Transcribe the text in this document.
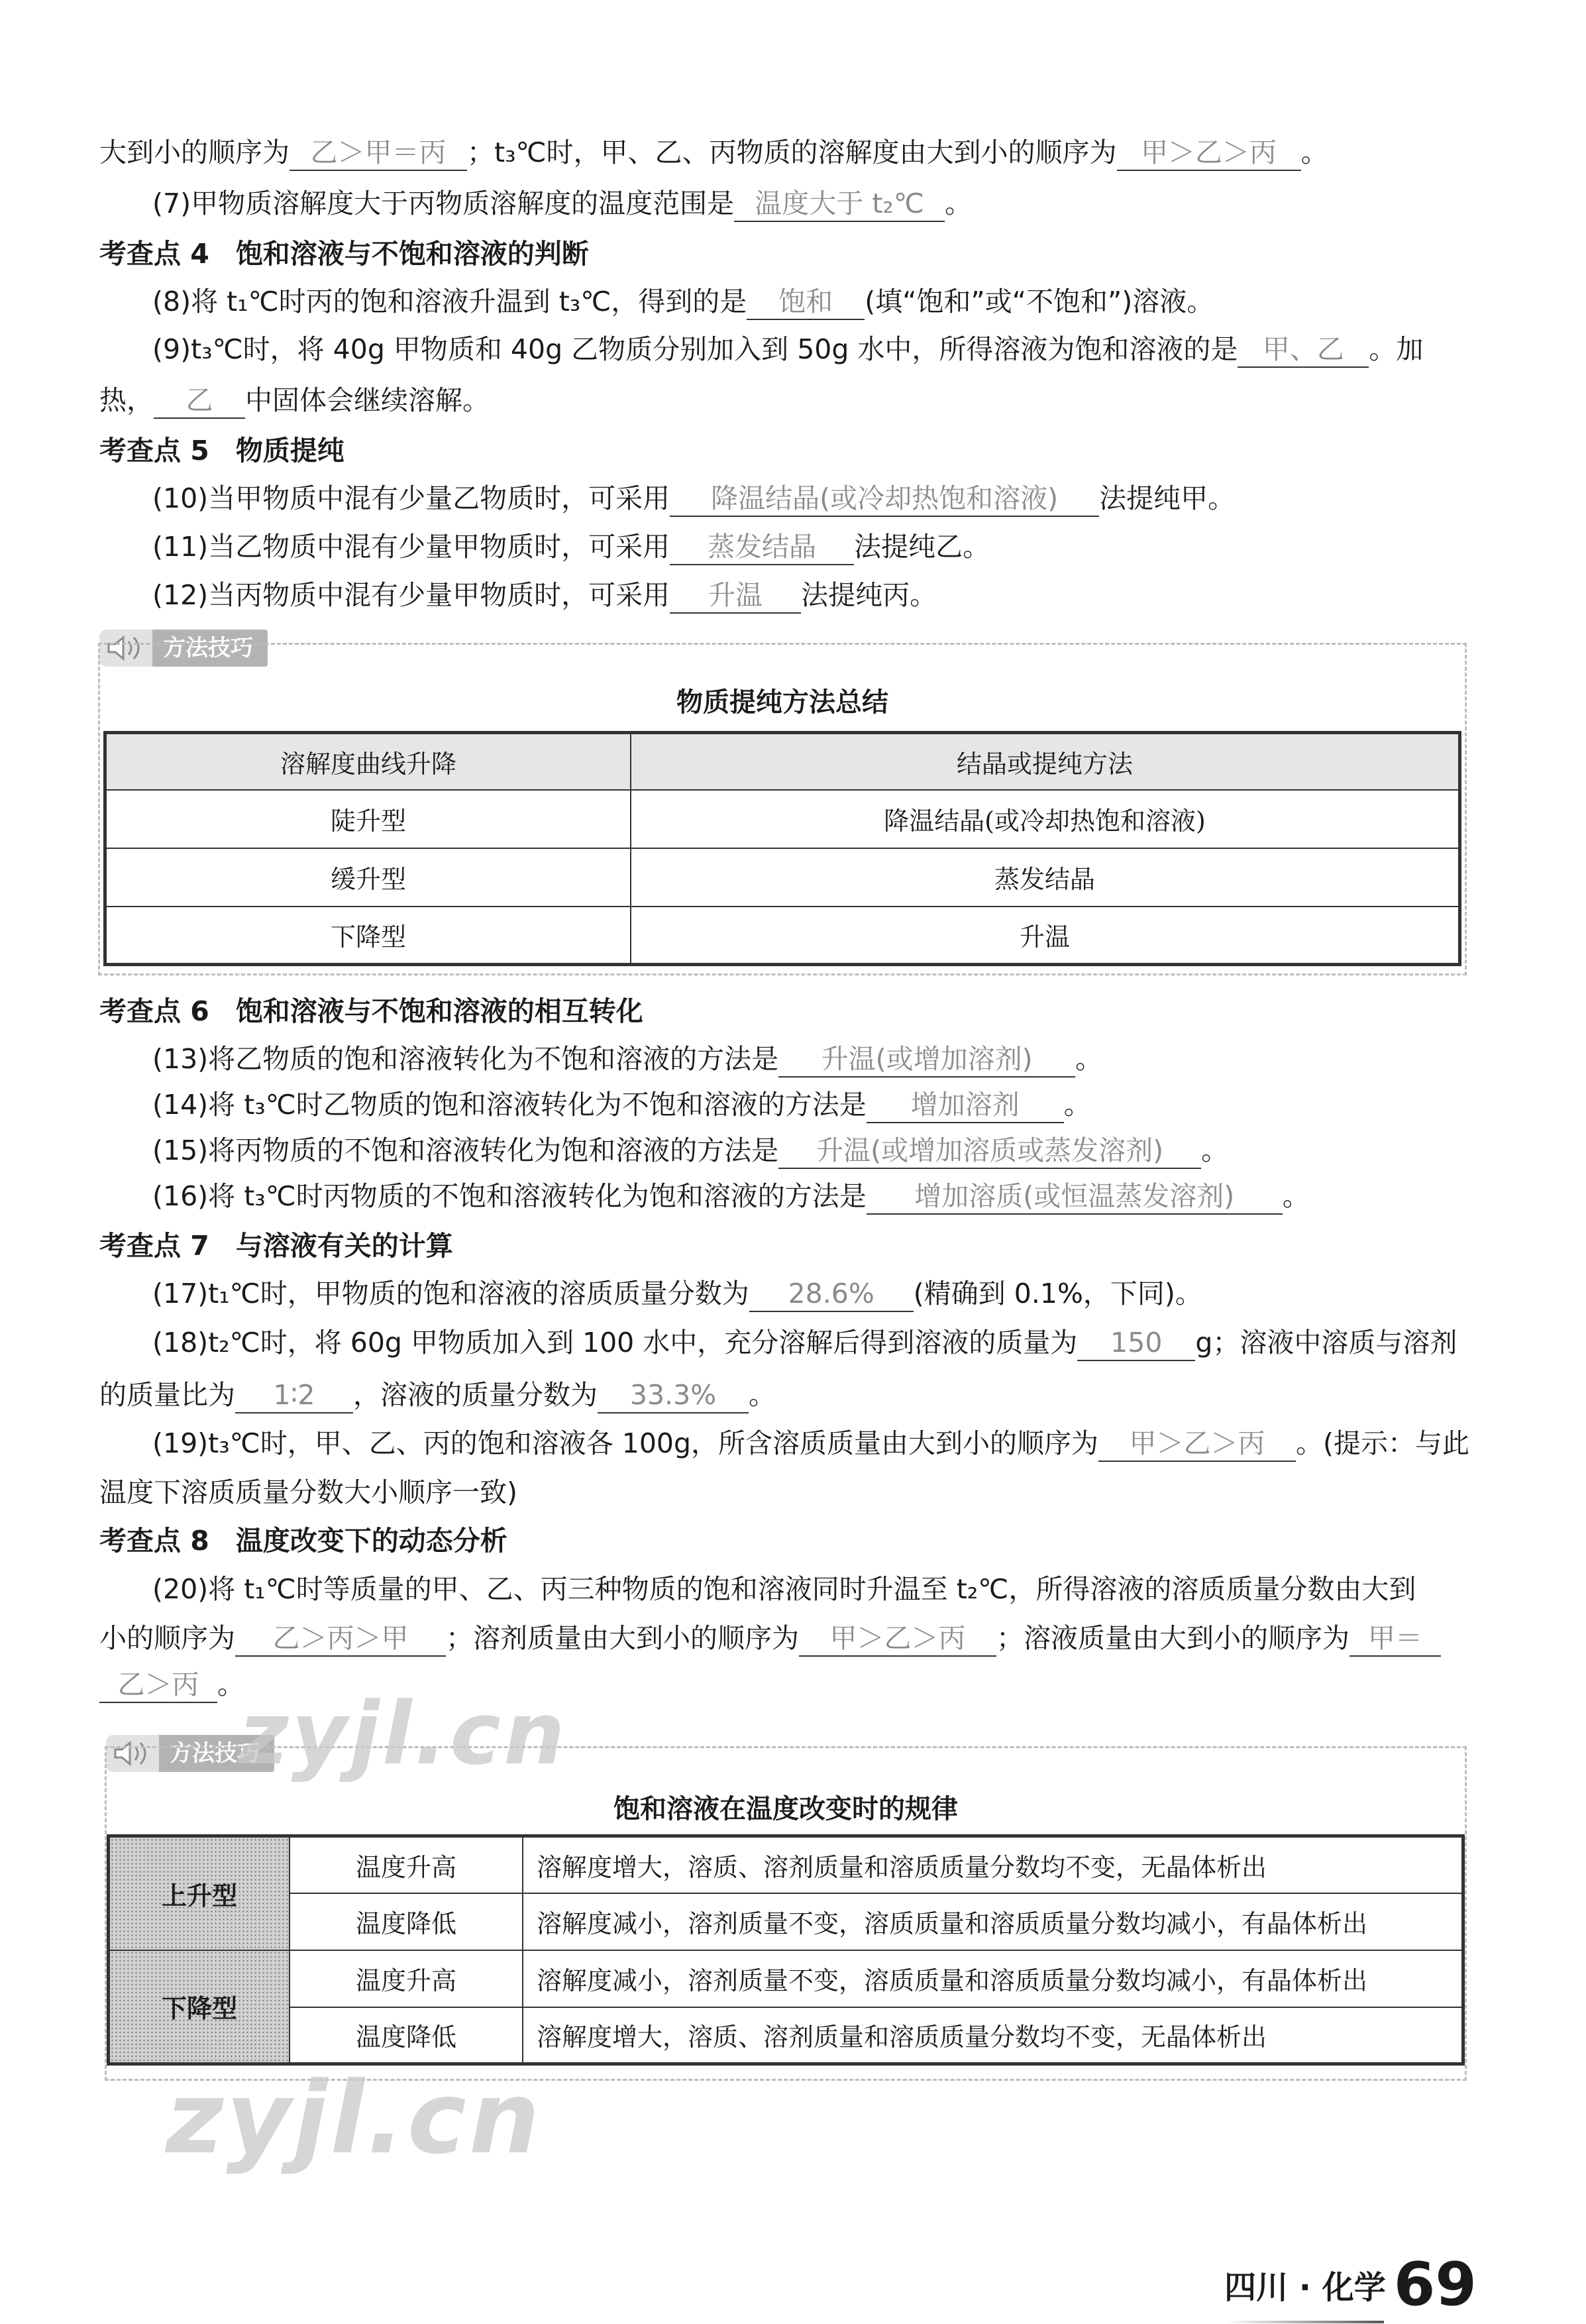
大到小的顺序为 乙＞甲＝丙 ；t₃℃时，甲、乙、丙物质的溶解度由大到小的顺序为 甲＞乙＞丙 。
(7)甲物质溶解度大于丙物质溶解度的温度范围是 温度大于 t₂℃ 。
考查点 4 饱和溶液与不饱和溶液的判断
(8)将 t₁℃时丙的饱和溶液升温到 t₃℃，得到的是 饱和 (填“饱和”或“不饱和”)溶液。
(9)t₃℃时，将 40g 甲物质和 40g 乙物质分别加入到 50g 水中，所得溶液为饱和溶液的是 甲、乙 。加
热， 乙 中固体会继续溶解。
考查点 5 物质提纯
(10)当甲物质中混有少量乙物质时，可采用 降温结晶(或冷却热饱和溶液) 法提纯甲。
(11)当乙物质中混有少量甲物质时，可采用 蒸发结晶 法提纯乙。
(12)当丙物质中混有少量甲物质时，可采用 升温 法提纯丙。
方法技巧
物质提纯方法总结
溶解度曲线升降	结晶或提纯方法
陡升型	降温结晶(或冷却热饱和溶液)
缓升型	蒸发结晶
下降型	升温
考查点 6 饱和溶液与不饱和溶液的相互转化
(13)将乙物质的饱和溶液转化为不饱和溶液的方法是 升温(或增加溶剂) 。
(14)将 t₃℃时乙物质的饱和溶液转化为不饱和溶液的方法是 增加溶剂 。
(15)将丙物质的不饱和溶液转化为饱和溶液的方法是 升温(或增加溶质或蒸发溶剂) 。
(16)将 t₃℃时丙物质的不饱和溶液转化为饱和溶液的方法是 增加溶质(或恒温蒸发溶剂) 。
考查点 7 与溶液有关的计算
(17)t₁℃时，甲物质的饱和溶液的溶质质量分数为 28.6% (精确到 0.1%，下同)。
(18)t₂℃时，将 60g 甲物质加入到 100 水中，充分溶解后得到溶液的质量为 150 g；溶液中溶质与溶剂
的质量比为 1∶2 ，溶液的质量分数为 33.3% 。
(19)t₃℃时，甲、乙、丙的饱和溶液各 100g，所含溶质质量由大到小的顺序为 甲＞乙＞丙 。(提示：与此
温度下溶质质量分数大小顺序一致)
考查点 8 温度改变下的动态分析
(20)将 t₁℃时等质量的甲、乙、丙三种物质的饱和溶液同时升温至 t₂℃，所得溶液的溶质质量分数由大到
小的顺序为 乙＞丙＞甲 ；溶剂质量由大到小的顺序为 甲＞乙＞丙 ；溶液质量由大到小的顺序为 甲＝
乙＞丙 。
方法技巧
饱和溶液在温度改变时的规律
上升型	温度升高	溶解度增大，溶质、溶剂质量和溶质质量分数均不变，无晶体析出
	温度降低	溶解度减小，溶剂质量不变，溶质质量和溶质质量分数均减小，有晶体析出
下降型	温度升高	溶解度减小，溶剂质量不变，溶质质量和溶质质量分数均减小，有晶体析出
	温度降低	溶解度增大，溶质、溶剂质量和溶质质量分数均不变，无晶体析出
zyjl.cn
zyjl.cn
四川 · 化学 69
